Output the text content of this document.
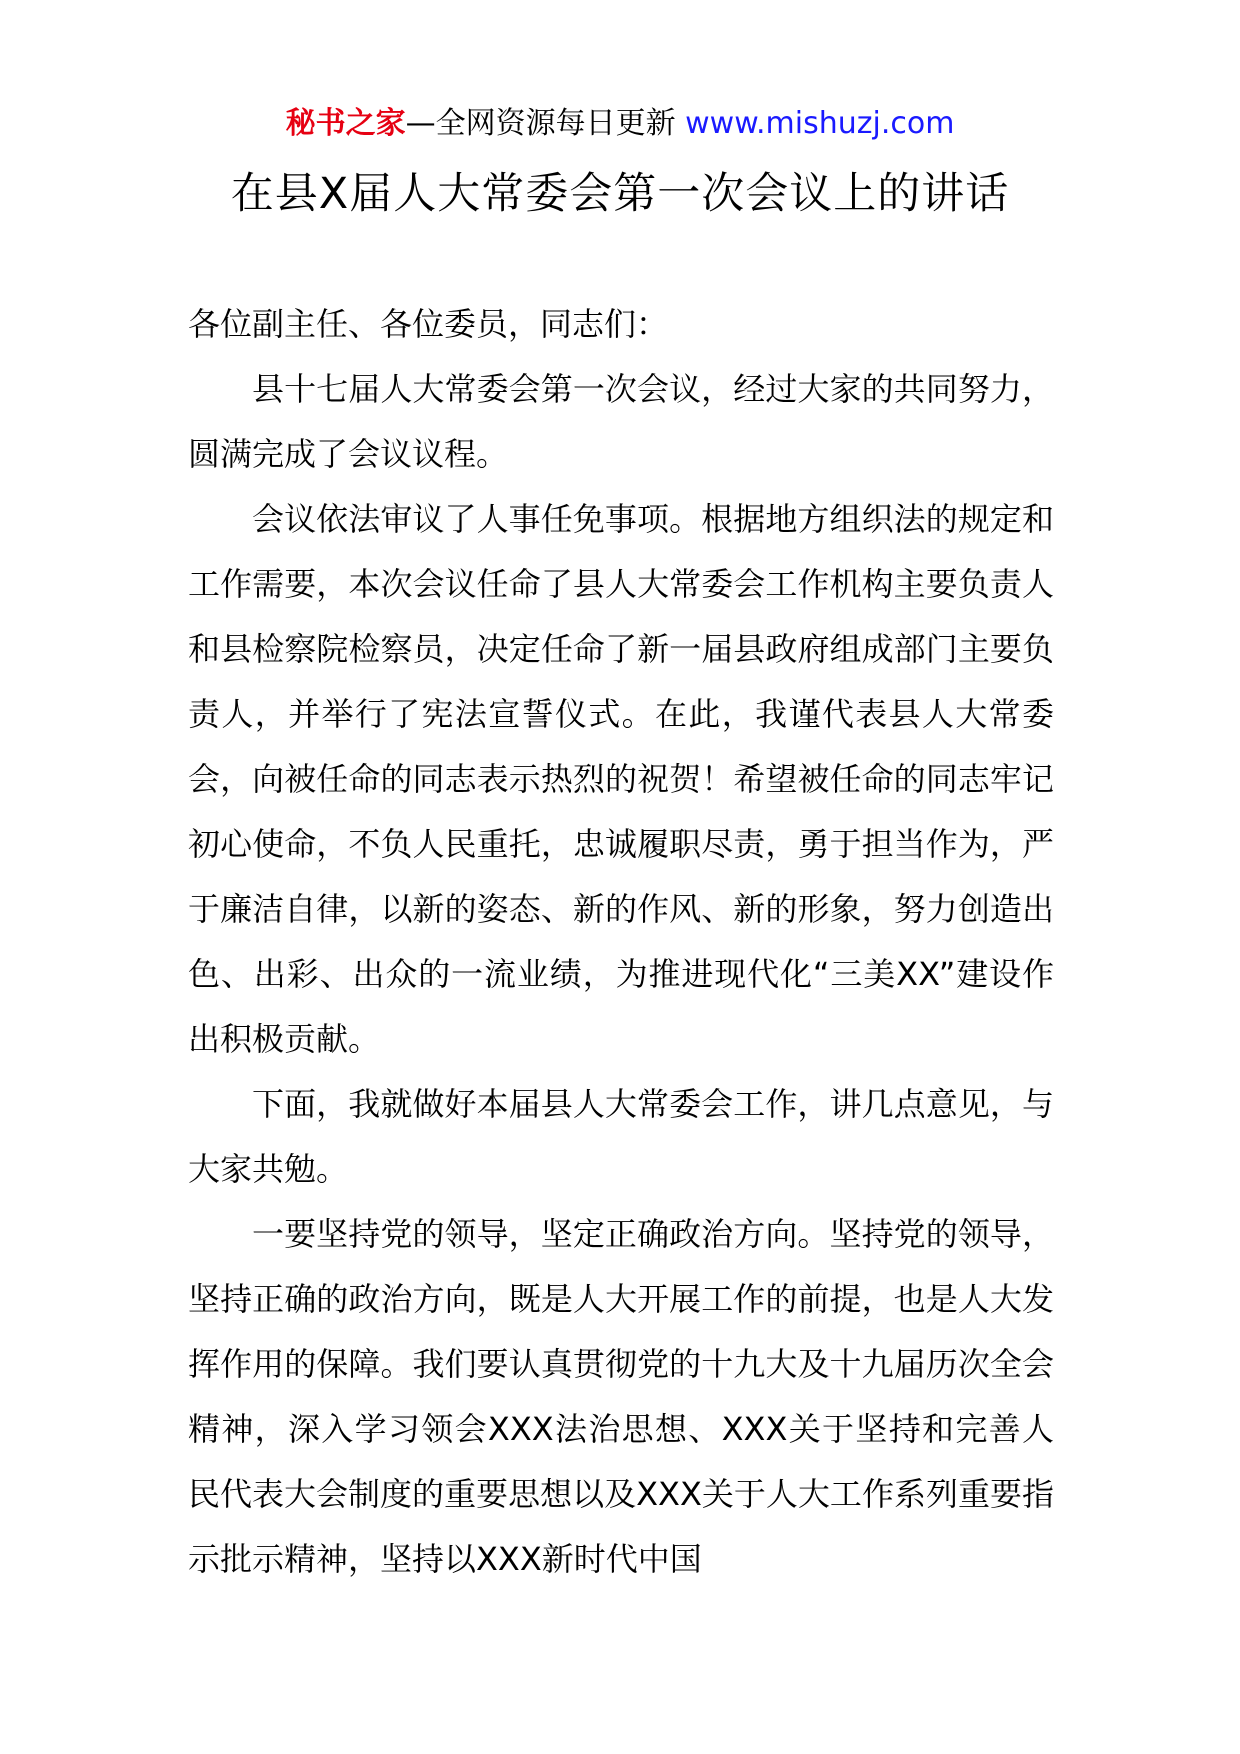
秘书之家—全网资源每日更新 www.mishuzj.com
在县Ⅹ届人大常委会第一次会议上的讲话

各位副主任、各位委员，同志们：

县十七届人大常委会第一次会议，经过大家的共同努力，圆满完成了会议议程。

会议依法审议了人事任免事项。根据地方组织法的规定和工作需要，本次会议任命了县人大常委会工作机构主要负责人和县检察院检察员，决定任命了新一届县政府组成部门主要负责人，并举行了宪法宣誓仪式。在此，我谨代表县人大常委会，向被任命的同志表示热烈的祝贺！希望被任命的同志牢记初心使命，不负人民重托，忠诚履职尽责，勇于担当作为，严于廉洁自律，以新的姿态、新的作风、新的形象，努力创造出色、出彩、出众的一流业绩，为推进现代化“三美XX”建设作出积极贡献。

下面，我就做好本届县人大常委会工作，讲几点意见，与大家共勉。

一要坚持党的领导，坚定正确政治方向。坚持党的领导，坚持正确的政治方向，既是人大开展工作的前提，也是人大发挥作用的保障。我们要认真贯彻党的十九大及十九届历次全会精神，深入学习领会XXX法治思想、XXX关于坚持和完善人民代表大会制度的重要思想以及XXX关于人大工作系列重要指示批示精神，坚持以XXX新时代中国
